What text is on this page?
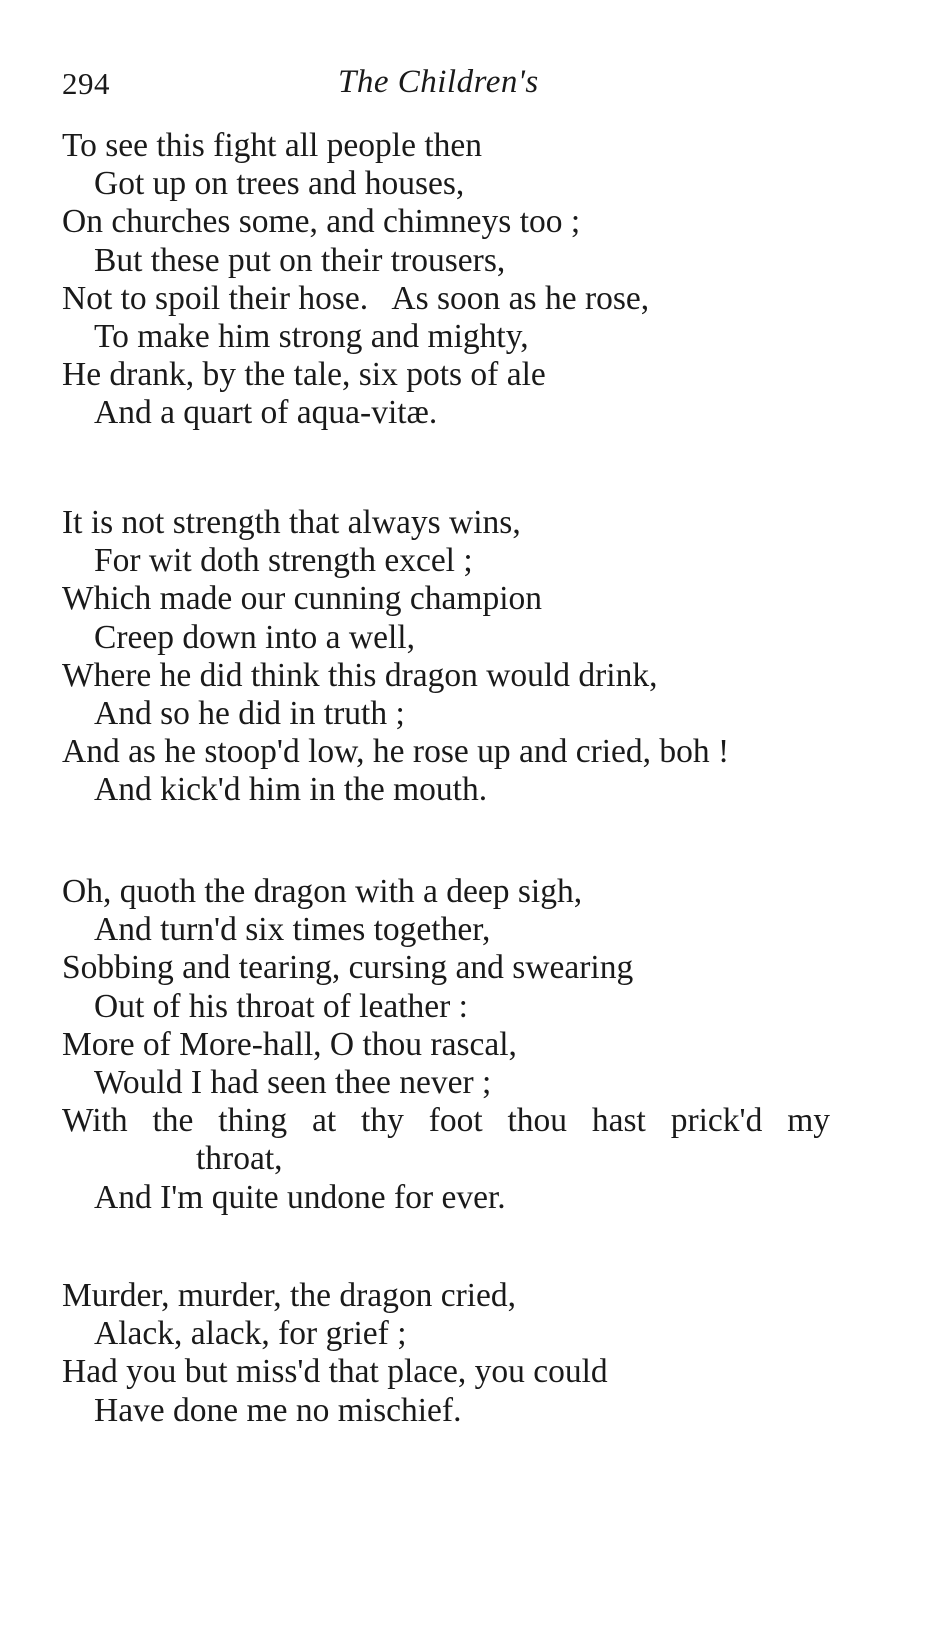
294	The Children's
To see this fight all people then
Got up on trees and houses,
On churches some, and chimneys too ;
But these put on their trousers,
Not to spoil their hose.   As soon as he rose,
To make him strong and mighty,
He drank, by the tale, six pots of ale
And a quart of aqua-vitæ.
It is not strength that always wins,
For wit doth strength excel ;
Which made our cunning champion
Creep down into a well,
Where he did think this dragon would drink,
And so he did in truth ;
And as he stoop'd low, he rose up and cried, boh !
And kick'd him in the mouth.
Oh, quoth the dragon with a deep sigh,
And turn'd six times together,
Sobbing and tearing, cursing and swearing
Out of his throat of leather :
More of More-hall, O thou rascal,
Would I had seen thee never ;
With the thing at thy foot thou hast prick'd my
throat,
And I'm quite undone for ever.
Murder, murder, the dragon cried,
Alack, alack, for grief ;
Had you but miss'd that place, you could
Have done me no mischief.
